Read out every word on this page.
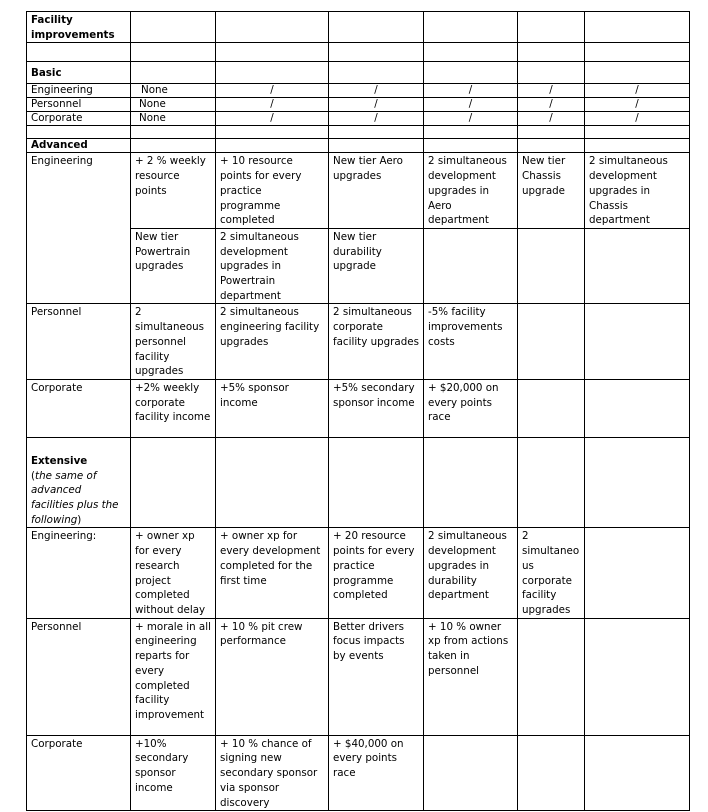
Facility improvements						

Basic						
Engineering	None	/	/	/	/	/
Personnel	None	/	/	/	/	/
Corporate	None	/	/	/	/	/

Advanced						
Engineering	+ 2 % weekly resource points	+ 10 resource points for every practice programme completed	New tier Aero upgrades	2 simultaneous development upgrades in Aero department	New tier Chassis upgrade	2 simultaneous development upgrades in Chassis department
	New tier Powertrain upgrades	2 simultaneous development upgrades in Powertrain department	New tier durability upgrade			
Personnel	2 simultaneous personnel facility upgrades	2 simultaneous engineering facility upgrades	2 simultaneous corporate facility upgrades	-5% facility improvements costs		
Corporate	+2% weekly corporate facility income	+5% sponsor income	+5% secondary sponsor income	+ $20,000 on every points race		
Extensive
(the same of advanced facilities plus the following)						
Engineering:	+ owner xp for every research project completed without delay	+ owner xp for every development completed for the first time	+ 20 resource points for every practice programme completed	2 simultaneous development upgrades in durability department	2 simultaneous corporate facility upgrades	
Personnel	+ morale in all engineering reparts for every completed facility improvement	+ 10 % pit crew performance	Better drivers focus impacts by events	+ 10 % owner xp from actions taken in personnel		
Corporate	+10% secondary sponsor income	+ 10 % chance of signing new secondary sponsor via sponsor discovery	+ $40,000 on every points race			
